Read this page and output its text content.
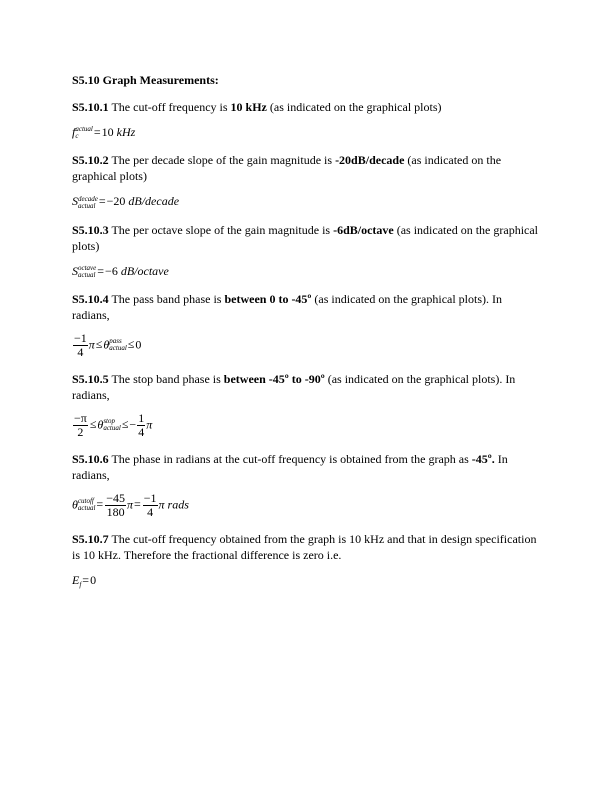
S5.10 Graph Measurements:

S5.10.1 The cut-off frequency is 10 kHz (as indicated on the graphical plots)

f actual
c	=10 kHz

S5.10.2 The per decade slope of the gain magnitude is -20dB/decade (as indicated on the graphical plots)

S decade
actual =−20 dB/decade

S5.10.3 The per octave slope of the gain magnitude is -6dB/octave (as indicated on the graphical plots)

S octave
actual =−6 dB/octave

S5.10.4 The pass band phase is between 0 to -45º (as indicated on the graphical plots). In radians,

$\frac{-1}{4} \pi\le\theta$ pass
actual ≤0

S5.10.5 The stop band phase is between -45º to -90º (as indicated on the graphical plots). In radians,

$\frac{-\pi}{2} \le\theta$ stop
actual ≤− $\frac{1}{4}$ π

S5.10.6 The phase in radians at the cut-off frequency is obtained from the graph as -45º. In radians,

θ cutoff
actual = $\frac{-45}{180} \pi= \frac{-1}{4}$ π rads

S5.10.7 The cut-off frequency obtained from the graph is 10 kHz and that in design specification is 10 kHz. Therefore the fractional difference is zero i.e.

$E_f=0$
